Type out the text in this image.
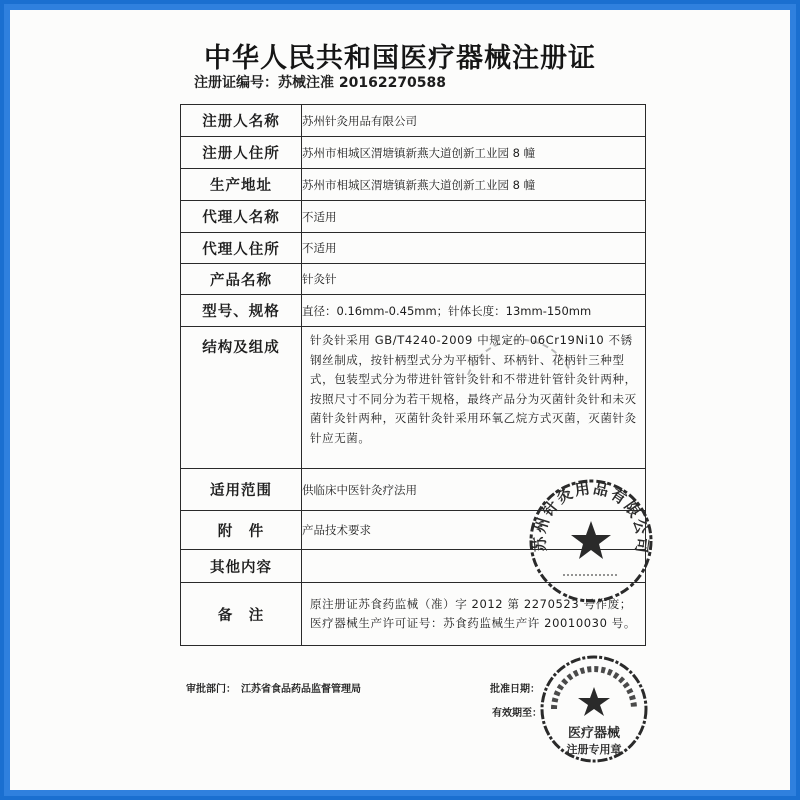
中华人民共和国医疗器械注册证
注册证编号：苏械注准 20162270588
注册人名称	苏州针灸用品有限公司
注册人住所	苏州市相城区渭塘镇新燕大道创新工业园 8 幢
生产地址	苏州市相城区渭塘镇新燕大道创新工业园 8 幢
代理人名称	不适用
代理人住所	不适用
产品名称	针灸针
型号、规格	直径：0.16mm-0.45mm；针体长度：13mm-150mm
结构及组成	针灸针采用 GB/T4240-2009 中规定的 06Cr19Ni10 不锈钢丝制成，按针柄型式分为平柄针、环柄针、花柄针三种型式，包装型式分为带进针管针灸针和不带进针管针灸针两种，按照尺寸不同分为若干规格，最终产品分为灭菌针灸针和未灭菌针灸针两种，灭菌针灸针采用环氧乙烷方式灭菌，灭菌针灸针应无菌。
适用范围	供临床中医针灸疗法用
附　件	产品技术要求
其他内容	
备　注	原注册证苏食药监械（准）字 2012 第 2270523 号作废；医疗器械生产许可证号：苏食药监械生产许 20010030 号。
审批部门：　江苏省食品药品监督管理局	批准日期：
有效期至：
苏州针灸用品有限公司
医疗器械
注册专用章
